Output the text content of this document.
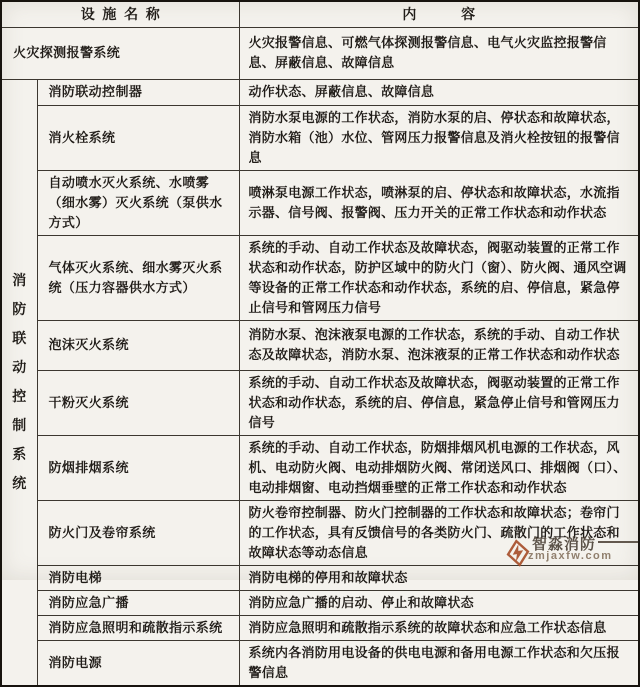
设施名称		内容
火灾探测报警系统		火灾报警信息、可燃气体探测报警信息、电气火灾监控报警信息、屏蔽信息、故障信息
消防联动控制系统	消防联动控制器	动作状态、屏蔽信息、故障信息
	消火栓系统	消防水泵电源的工作状态，消防水泵的启、停状态和故障状态，消防水箱（池）水位、管网压力报警信息及消火栓按钮的报警信息
	自动喷水灭火系统、水喷雾（细水雾）灭火系统（泵供水方式）	喷淋泵电源工作状态，喷淋泵的启、停状态和故障状态，水流指示器、信号阀、报警阀、压力开关的正常工作状态和动作状态
	气体灭火系统、细水雾灭火系统（压力容器供水方式）	系统的手动、自动工作状态及故障状态，阀驱动装置的正常工作状态和动作状态，防护区域中的防火门（窗）、防火阀、通风空调等设备的正常工作状态和动作状态，系统的启、停信息，紧急停止信号和管网压力信号
	泡沫灭火系统	消防水泵、泡沫液泵电源的工作状态，系统的手动、自动工作状态及故障状态，消防水泵、泡沫液泵的正常工作状态和动作状态
	干粉灭火系统	系统的手动、自动工作状态及故障状态，阀驱动装置的正常工作状态和动作状态，系统的启、停信息，紧急停止信号和管网压力信号
	防烟排烟系统	系统的手动、自动工作状态，防烟排烟风机电源的工作状态，风机、电动防火阀、电动排烟防火阀、常闭送风口、排烟阀（口）、电动排烟窗、电动挡烟垂壁的正常工作状态和动作状态
	防火门及卷帘系统	防火卷帘控制器、防火门控制器的工作状态和故障状态；卷帘门的工作状态，具有反馈信号的各类防火门、疏散门的工作状态和故障状态等动态信息
	消防电梯	消防电梯的停用和故障状态
	消防应急广播	消防应急广播的启动、停止和故障状态
	消防应急照明和疏散指示系统	消防应急照明和疏散指示系统的故障状态和应急工作状态信息
	消防电源	系统内各消防用电设备的供电电源和备用电源工作状态和欠压报警信息
智淼消防
zmjaxfw.com
